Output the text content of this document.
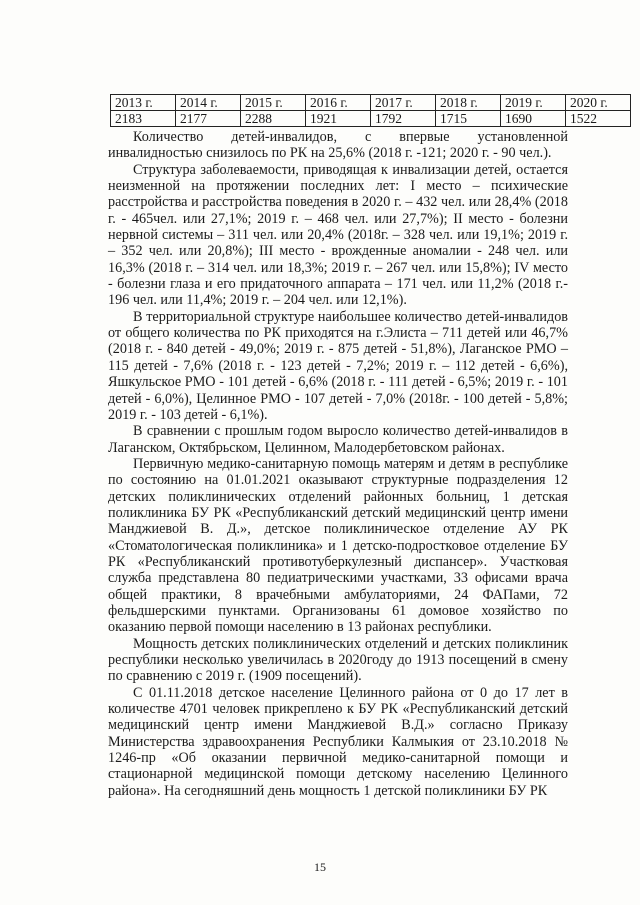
2013 г.	2014 г.	2015 г.	2016 г.	2017 г.	2018 г.	2019 г.	2020 г.
2183	2177	2288	1921	1792	1715	1690	1522

Количество детей-инвалидов, с впервые установленной инвалидностью снизилось по РК на 25,6% (2018 г. -121; 2020 г. - 90 чел.).

Структура заболеваемости, приводящая к инвализации детей, остается неизменной на протяжении последних лет: I место – психические расстройства и расстройства поведения в 2020 г. – 432 чел. или 28,4% (2018 г. - 465чел. или 27,1%; 2019 г. – 468 чел. или 27,7%); II место - болезни нервной системы – 311 чел. или 20,4% (2018г. – 328 чел. или 19,1%; 2019 г. – 352 чел. или 20,8%); III место - врожденные аномалии - 248 чел. или 16,3% (2018 г. – 314 чел. или 18,3%; 2019 г. – 267 чел. или 15,8%); IV место - болезни глаза и его придаточного аппарата – 171 чел. или 11,2% (2018 г.- 196 чел. или 11,4%; 2019 г. – 204 чел. или 12,1%).

В территориальной структуре наибольшее количество детей-инвалидов от общего количества по РК приходятся на г.Элиста – 711 детей или 46,7% (2018 г. - 840 детей - 49,0%; 2019 г. - 875 детей - 51,8%), Лаганское РМО – 115 детей - 7,6% (2018 г. - 123 детей - 7,2%; 2019 г. – 112 детей - 6,6%), Яшкульское РМО - 101 детей - 6,6% (2018 г. - 111 детей - 6,5%; 2019 г. - 101 детей - 6,0%), Целинное РМО - 107 детей - 7,0% (2018г. - 100 детей - 5,8%; 2019 г. - 103 детей - 6,1%).

В сравнении с прошлым годом выросло количество детей-инвалидов в Лаганском, Октябрьском, Целинном, Малодербетовском районах.

Первичную медико-санитарную помощь матерям и детям в республике по состоянию на 01.01.2021 оказывают структурные подразделения 12 детских поликлинических отделений районных больниц, 1 детская поликлиника БУ РК «Республиканский детский медицинский центр имени Манджиевой В. Д.», детское поликлиническое отделение АУ РК «Стоматологическая поликлиника» и 1 детско-подростковое отделение БУ РК «Республиканский противотуберкулезный диспансер». Участковая служба представлена 80 педиатрическими участками, 33 офисами врача общей практики, 8 врачебными амбулаториями, 24 ФАПами, 72 фельдшерскими пунктами. Организованы 61 домовое хозяйство по оказанию первой помощи населению в 13 районах республики.

Мощность детских поликлинических отделений и детских поликлиник республики несколько увеличилась в 2020году до 1913 посещений в смену по сравнению с 2019 г. (1909 посещений).

С 01.11.2018 детское население Целинного района от 0 до 17 лет в количестве 4701 человек прикреплено к БУ РК «Республиканский детский медицинский центр имени Манджиевой В.Д.» согласно Приказу Министерства здравоохранения Республики Калмыкия от 23.10.2018 № 1246-пр «Об оказании первичной медико-санитарной помощи и стационарной медицинской помощи детскому населению Целинного района». На сегодняшний день мощность 1 детской поликлиники БУ РК

15
